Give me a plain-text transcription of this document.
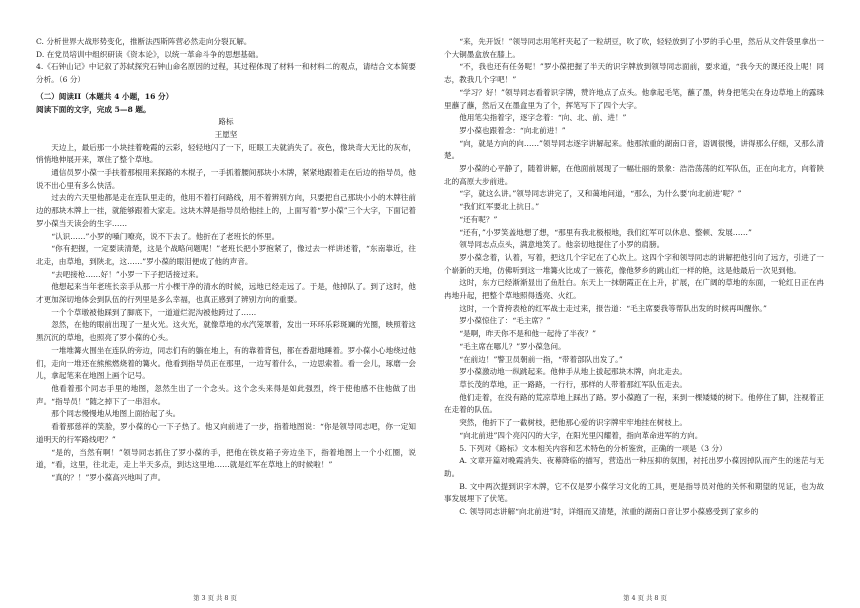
C. 分析世界大战形势变化，推断法西斯阵营必然走向分裂瓦解。

D. 在党员培训中组织研读《资本论》，以统一革命斗争的思想基础。

4.《石钟山记》中记叙了苏轼探究石钟山命名原因的过程，其过程体现了材料一和材料二的观点，请结合文本简要分析。（6 分）

（二）阅读II（本题共 4 小题，16 分）

阅读下面的文字，完成 5—8 题。

路标

王愿坚

天边上，最后那一小块挂着晚霞的云彩，轻轻地闪了一下，旺眼工夫就消失了。夜色，像块奇大无比的灰布，悄悄地伸展开来，罩住了整个草地。

通信员罗小葆一手扶着那根用来探路的木棍子，一手抓着腰间那块小木牌，紧紧地跟着走在后边的指导员，他说不出心里有多么快活。

过去的六天里他都是走在连队里走的，他用不着打问路线，用不着辨别方向，只要把自己那块小小的木牌往前边的那块木牌上一挂，就能够跟着大家走。这块木牌是指导员给他挂上的，上面写着“罗小葆”三个大字，下面记着罗小葆当天读会的生字……

“认识……”小罗的嗓门嘹亮，说不下去了。他折在了老班长的怀里。

“你有把握，一定要读清楚，这是个战略问题呢！”老班长把小罗抱紧了，像过去一样讲述着，“东南靠近，往北走，由草地，到陕北，这……”罗小葆的眼泪便成了他的声音。

“去吧接枪……好！”小罗一下子把话接过来。

他想起来当年老班长亲手从那一片小棵干净的清水的时候，远地已经走远了。于是，他掉队了。到了这时，他才更加深切地体会到队伍的行列里是多么幸福，也真正感到了辨别方向的重要。

一个个草墩被他踩到了脚底下，一道道烂泥沟被他跨过了……

忽然，在他的眼前出现了一星火光。这火光，就像草地的水汽笼罩着，发出一环环乐彩斑斓的光圈，映照着这黑沉沉的草地，也照亮了罗小葆的心头。

一堆堆篝火围坐在连队的旁边，同志们有的躺在地上，有的靠着背包，都在香甜地睡着。罗小葆小心地绕过他们，走向一堆还在熊熊燃烧着的篝火。他看到指导员正在那里，一边写着什么，一边思索着。看一会儿，琢磨一会儿，拿起笔来在地图上画个记号。

他看着那个同志手里的地图，忽然生出了一个念头。这个念头来得是如此强烈，终于使他感不住他做了出声。“指导员！”随之掉下了一串泪水。

那个同志慢慢地从地图上面抬起了头。

看着那慈祥的笑脸，罗小葆的心一下子热了。他又向前进了一步，指着地图说：“你是领导同志吧，你一定知道明天的行军路线吧？”

“是的，当然有啊！”领导同志抓住了罗小葆的手，把他在铁皮箱子旁边坐下，指着地图上一个小红圈，说道，“看，这里，往北走，走上半天多点，到达这里地……就是红军在草地上的时候啦！”

“真的？！”罗小葆高兴地叫了声。

第 3 页 共 8 页

“来，先开饭！”领导同志用笔杆夹起了一粒胡豆，吹了吹，轻轻放到了小罗的手心里，然后从文件袋里拿出一个大铜墨盒放在膝上。

“不，我也还有任务呢！”罗小葆把握了半天的识字牌放到领导同志面前，要求道，“我今天的课还没上呢！同志，教我几个字吧！”

“学习？好！”领导同志看着识字牌，赞许地点了点头。他拿起毛笔，蘸了墨，转身把笔尖在身边草地上的露珠里蘸了蘸，然后又在墨盒里为了个，挥笔写下了四个大字。

他用笔尖指着字，逐字念着：“向、北、前、进！”

罗小葆也跟着念：“向北前进！”

“向，就是方向的向……”领导同志逐字讲解起来。他那浓重的湖南口音，语调很慢，讲得那么仔细，又那么清楚。

罗小葆的心平静了，随着讲解，在他面前展现了一幅壮丽的景象：浩浩荡荡的红军队伍，正在向北方，向着陕北的高原大步前进。

“字，就这么讲。”领导同志讲完了，又和蔼地问道，“那么，为什么要‘向北前进’呢？”

“我们红军要北上抗日。”

“还有呢？”

“还有，”小罗笑盖地想了想，“那里有我北极根地，我们红军可以休息、整顿、发展……”

领导同志点点头，满意地笑了。他亲切地提住了小罗的肩膀。

罗小葆念着，认着，写着，把这几个字记在了心坎上。这四个字和领导同志的讲解把他引向了远方，引进了一个崭新的天地，仿佛听到这一堆篝火比成了一簇花，像他梦乡的跳山红一样的艳，这是他最后一次见到他。

这时，东方已经渐渐显出了鱼肚白。东天上一抹朝霞正在上升，扩展，在广阔的草地的东面，一轮红日正在冉冉地升起，把整个草地照得透亮、火红。

这时，一个背挎表枪的红军战士走过来，报告道：“毛主席要我等帮队出发的时候再叫醒你。”

罗小葆惊住了：“毛主席？”

“是啊，昨天你不是和他一起待了半夜？”

“毛主席在哪儿？”罗小葆急问。

“在前边！”警卫员朝前一指，“带着部队出发了。”

罗小葆激动地一纵跳起来。他伸手从地上拔起那块木牌，向北走去。

草长茂的草地，正一路路，一行行，那样的人带着那红军队伍走去。

他们走着，在没有路的荒凉草地上踩出了路。罗小葆跑了一程，来到一棵矮矮的树下。他停住了脚，注视着正在走着的队伍。

突然，他折下了一截树枝，把他那心爱的识字牌牢牢地挂在树枝上。

“向北前进”四个亮闪闪的大字，在阳光里闪耀着，指向革命进军的方向。

5. 下列对《路标》文本相关内容和艺术特色的分析鉴赏，正确的一项是（3 分）

A. 文章开篇对晚霞消失、夜幕降临的描写，营造出一种压抑的氛围，衬托出罗小葆因掉队而产生的迷茫与无助。

B. 文中两次提到识字木牌，它不仅是罗小葆学习文化的工具，更是指导员对他的关怀和期望的见证，也为故事发展埋下了伏笔。

C. 领导同志讲解“向北前进”时，详细而又清楚，浓重的湖南口音让罗小葆感受到了家乡的

第 4 页 共 8 页
